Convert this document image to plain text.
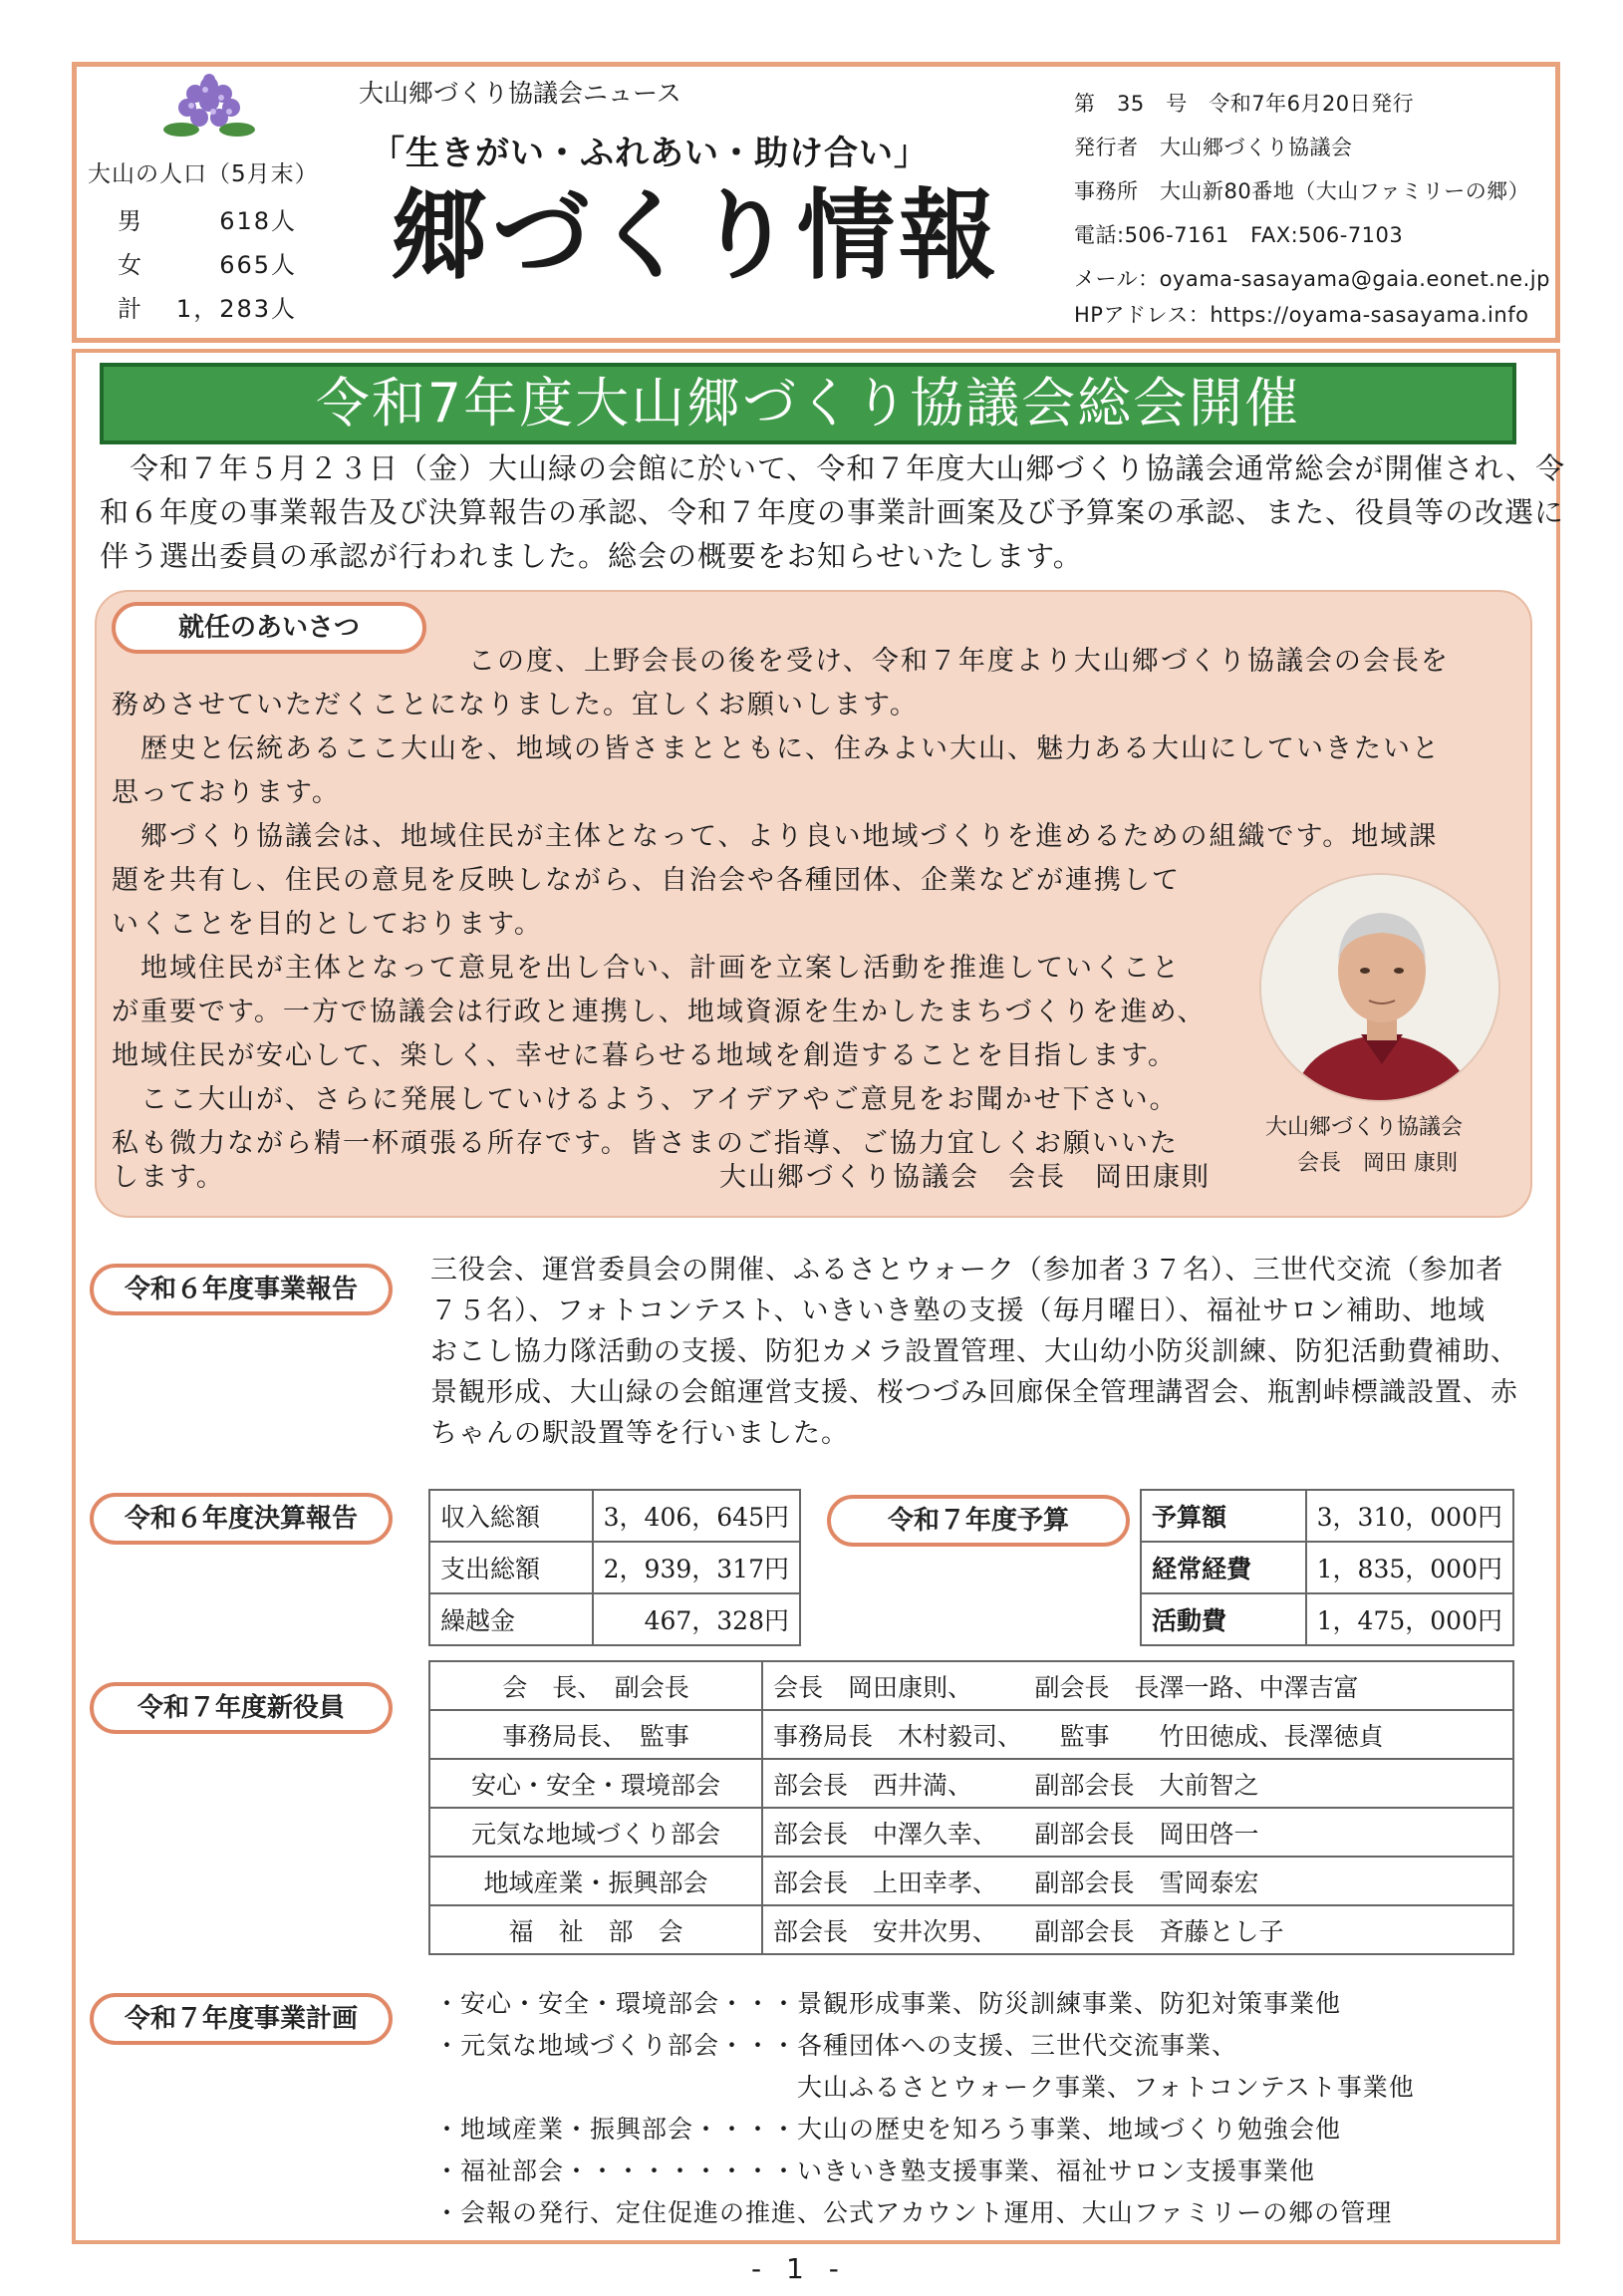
大山の人口（5月末）
男	618人
女	665人
計 1，283人
大山郷づくり協議会ニュース
「生きがい・ふれあい・助け合い」
郷づくり情報
第　35　号　令和7年6月20日発行
発行者　大山郷づくり協議会
事務所　大山新80番地（大山ファミリーの郷）
電話:506-7161　FAX:506-7103
メール：oyama-sasayama@gaia.eonet.ne.jp
HPアドレス：https://oyama-sasayama.info
令和7年度大山郷づくり協議会総会開催
　令和７年５月２３日（金）大山緑の会館に於いて、令和７年度大山郷づくり協議会通常総会が開催され、令
和６年度の事業報告及び決算報告の承認、令和７年度の事業計画案及び予算案の承認、また、役員等の改選に
伴う選出委員の承認が行われました。総会の概要をお知らせいたします。
就任のあいさつ
この度、上野会長の後を受け、令和７年度より大山郷づくり協議会の会長を
務めさせていただくことになりました。宜しくお願いします。
　歴史と伝統あるここ大山を、地域の皆さまとともに、住みよい大山、魅力ある大山にしていきたいと
思っております。
　郷づくり協議会は、地域住民が主体となって、より良い地域づくりを進めるための組織です。地域課
題を共有し、住民の意見を反映しながら、自治会や各種団体、企業などが連携して
いくことを目的としております。
　地域住民が主体となって意見を出し合い、計画を立案し活動を推進していくこと
が重要です。一方で協議会は行政と連携し、地域資源を生かしたまちづくりを進め、
地域住民が安心して、楽しく、幸せに暮らせる地域を創造することを目指します。
　ここ大山が、さらに発展していけるよう、アイデアやご意見をお聞かせ下さい。
私も微力ながら精一杯頑張る所存です。皆さまのご指導、ご協力宜しくお願いいた
します。	大山郷づくり協議会　会長　岡田康則
大山郷づくり協議会
会長　岡田 康則
令和６年度事業報告
三役会、運営委員会の開催、ふるさとウォーク（参加者３７名）、三世代交流（参加者
７５名）、フォトコンテスト、いきいき塾の支援（毎月曜日）、福祉サロン補助、地域
おこし協力隊活動の支援、防犯カメラ設置管理、大山幼小防災訓練、防犯活動費補助、
景観形成、大山緑の会館運営支援、桜つづみ回廊保全管理講習会、瓶割峠標識設置、赤
ちゃんの駅設置等を行いました。
令和６年度決算報告	収入総額	3，406，645円
支出総額	2，939，317円
繰越金	467，328円
令和７年度予算	予算額	3，310，000円
経常経費	1，835，000円
活動費	1，475，000円
令和７年度新役員
会　長、　副会長	会長　岡田康則、　　　副会長　長澤一路、中澤吉富
事務局長、　監事	事務局長　木村毅司、　　監事　　竹田徳成、長澤徳貞
安心・安全・環境部会	部会長　西井満、　　　副部会長　大前智之
元気な地域づくり部会	部会長　中澤久幸、　　副部会長　岡田啓一
地域産業・振興部会	部会長　上田幸孝、　　副部会長　雪岡泰宏
福　祉　部　会	部会長　安井次男、　　副部会長　斉藤とし子
令和７年度事業計画
・安心・安全・環境部会・・・景観形成事業、防災訓練事業、防犯対策事業他
・元気な地域づくり部会・・・各種団体への支援、三世代交流事業、
　　　　　　　　　　　　　　大山ふるさとウォーク事業、フォトコンテスト事業他
・地域産業・振興部会・・・・大山の歴史を知ろう事業、地域づくり勉強会他
・福祉部会・・・・・・・・・いきいき塾支援事業、福祉サロン支援事業他
・会報の発行、定住促進の推進、公式アカウント運用、大山ファミリーの郷の管理
- 1 -
